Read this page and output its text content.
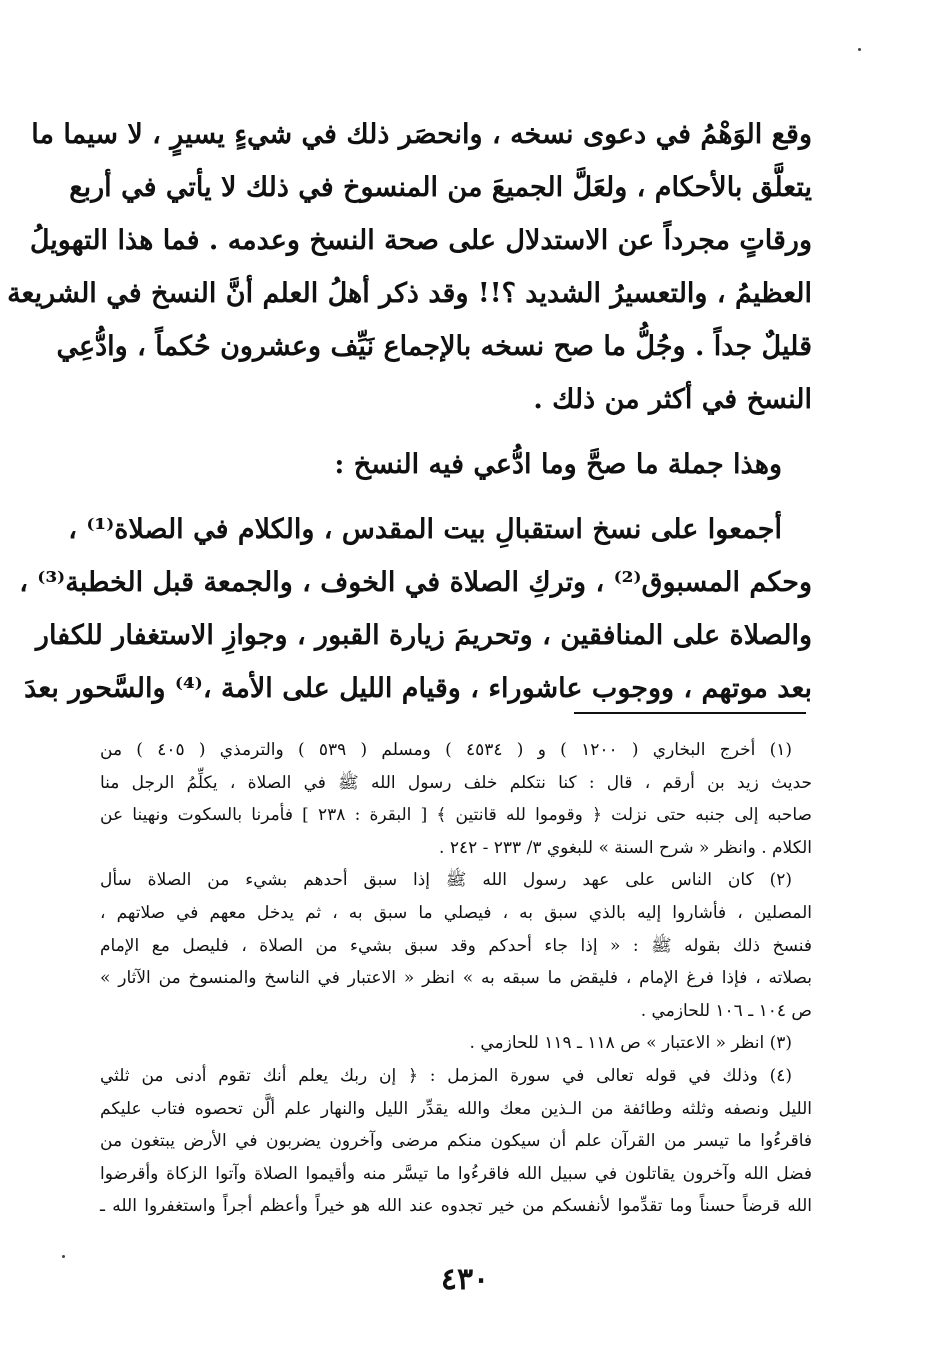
وقع الوَهْمُ في دعوى نسخه ، وانحصَر ذلك في شيءٍ يسيرٍ ، لا سيما ما
يتعلَّق بالأحكام ، ولعَلَّ الجميعَ من المنسوخ في ذلك لا يأتي في أربع
ورقاتٍ مجرداً عن الاستدلال على صحة النسخ وعدمه . فما هذا التهويلُ
العظيمُ ، والتعسيرُ الشديد ؟!! وقد ذكر أهلُ العلم أنَّ النسخ في الشريعة
قليلٌ جداً . وجُلُّ ما صح نسخه بالإجماع نَيِّف وعشرون حُكماً ، وادُّعِي
النسخ في أكثر من ذلك .
وهذا جملة ما صحَّ وما ادُّعي فيه النسخ :
أجمعوا على نسخ استقبالِ بيت المقدس ، والكلام في الصلاة⁽¹⁾ ،
وحكم المسبوق⁽²⁾ ، وتركِ الصلاة في الخوف ، والجمعة قبل الخطبة⁽³⁾ ،
والصلاة على المنافقين ، وتحريمَ زيارة القبور ، وجوازِ الاستغفار للكفار
بعد موتهم ، ووجوب عاشوراء ، وقيام الليل على الأمة ،⁽⁴⁾ والسَّحور بعدَ
(١) أخرج البخاري ( ١٢٠٠ ) و ( ٤٥٣٤ ) ومسلم ( ٥٣٩ ) والترمذي ( ٤٠٥ ) من
حديث زيد بن أرقم ، قال : كنا نتكلم خلف رسول الله ﷺ في الصلاة ، يكلِّمُ الرجل منا
صاحبه إلى جنبه حتى نزلت ﴿ وقوموا لله قانتين ﴾ [ البقرة : ٢٣٨ ] فأمرنا بالسكوت ونهينا عن
الكلام . وانظر « شرح السنة » للبغوي ٣/ ٢٣٣ - ٢٤٢ .
(٢) كان الناس على عهد رسول الله ﷺ إذا سبق أحدهم بشيء من الصلاة سأل
المصلين ، فأشاروا إليه بالذي سبق به ، فيصلي ما سبق به ، ثم يدخل معهم في صلاتهم ،
فنسخ ذلك بقوله ﷺ : « إذا جاء أحدكم وقد سبق بشيء من الصلاة ، فليصل مع الإمام
بصلاته ، فإذا فرغ الإمام ، فليقض ما سبقه به » انظر « الاعتبار في الناسخ والمنسوخ من الآثار »
ص ١٠٤ ـ ١٠٦ للحازمي .
(٣) انظر « الاعتبار » ص ١١٨ ـ ١١٩ للحازمي .
(٤) وذلك في قوله تعالى في سورة المزمل : ﴿ إن ربك يعلم أنك تقوم أدنى من ثلثي
الليل ونصفه وثلثه وطائفة من الـذين معك والله يقدِّر الليل والنهار علم ألَّن تحصوه فتاب عليكم
فاقرءُوا ما تيسر من القرآن علم أن سيكون منكم مرضى وآخرون يضربون في الأرض يبتغون من
فضل الله وآخرون يقاتلون في سبيل الله فاقرءُوا ما تيسَّر منه وأقيموا الصلاة وآتوا الزكاة وأقرضوا
الله قرضاً حسناً وما تقدِّموا لأنفسكم من خير تجدوه عند الله هو خيراً وأعظم أجراً واستغفروا الله ـ
٤٣٠
